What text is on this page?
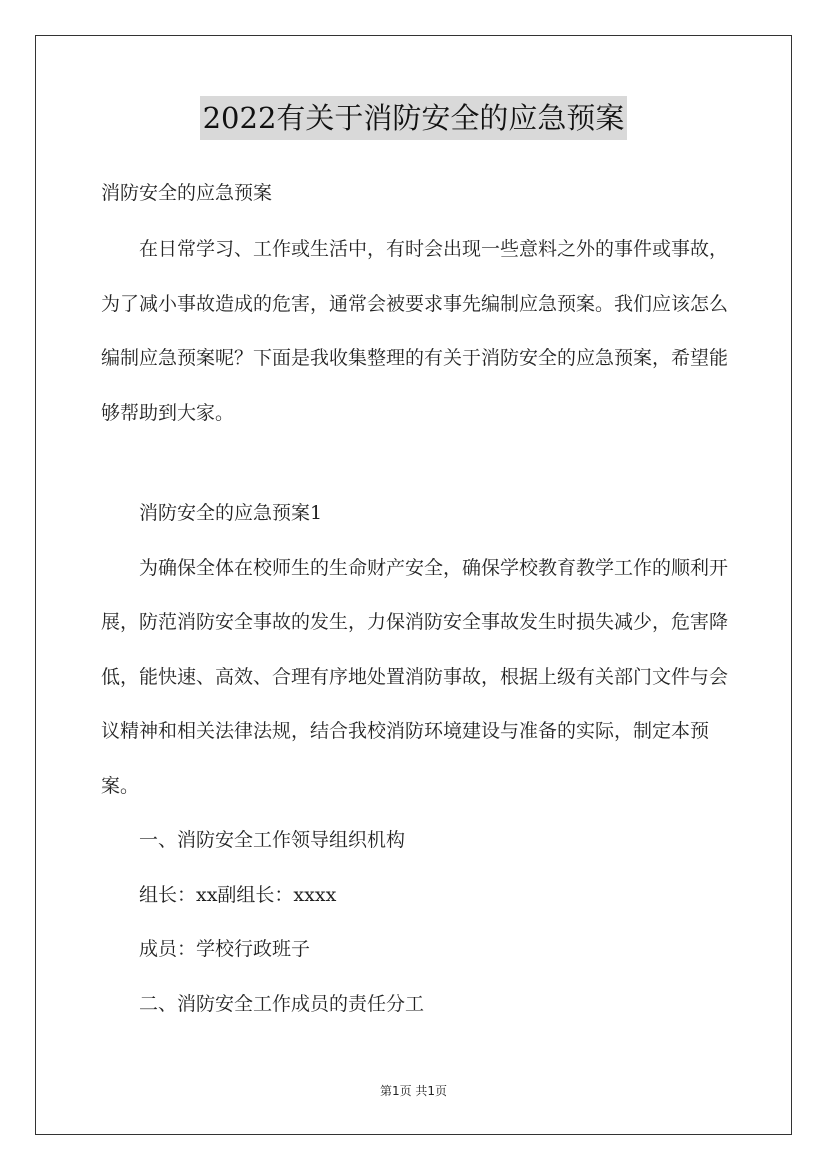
2022有关于消防安全的应急预案
消防安全的应急预案

在日常学习、工作或生活中，有时会出现一些意料之外的事件或事故，为了减小事故造成的危害，通常会被要求事先编制应急预案。我们应该怎么编制应急预案呢？下面是我收集整理的有关于消防安全的应急预案，希望能够帮助到大家。

消防安全的应急预案1

为确保全体在校师生的生命财产安全，确保学校教育教学工作的顺利开展，防范消防安全事故的发生，力保消防安全事故发生时损失减少，危害降低，能快速、高效、合理有序地处置消防事故，根据上级有关部门文件与会议精神和相关法律法规，结合我校消防环境建设与准备的实际，制定本预案。

一、消防安全工作领导组织机构

组长：xx副组长：xxxx

成员：学校行政班子

二、消防安全工作成员的责任分工

第1页 共1页
